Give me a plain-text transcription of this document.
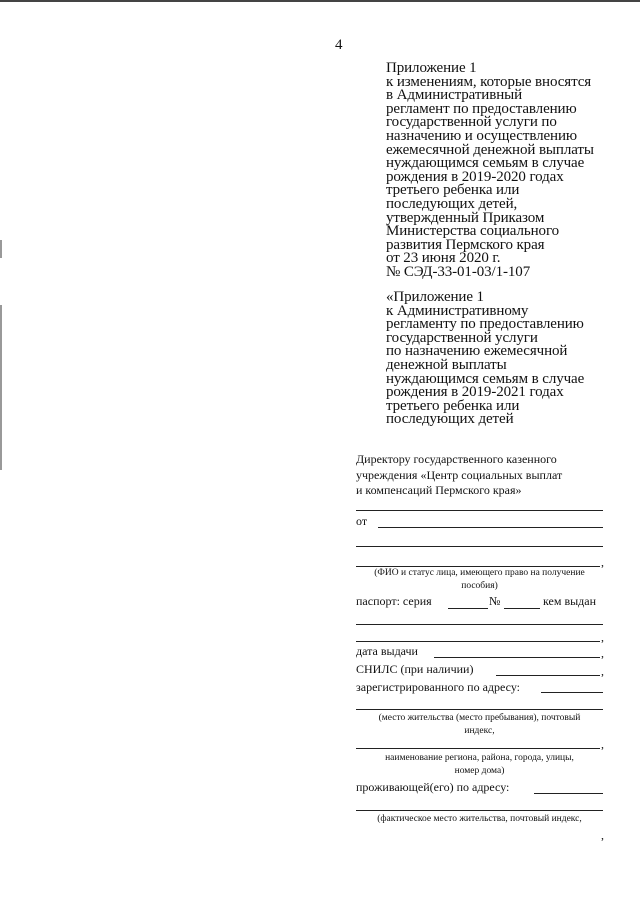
4
Приложение 1
к изменениям, которые вносятся
в Административный
регламент по предоставлению
государственной услуги по
назначению и осуществлению
ежемесячной денежной выплаты
нуждающимся семьям в случае
рождения в 2019-2020 годах
третьего ребенка или
последующих детей,
утвержденный Приказом
Министерства социального
развития Пермского края
от 23 июня 2020 г.
№ СЭД-33-01-03/1-107
«Приложение 1
к Административному
регламенту по предоставлению
государственной услуги
по назначению ежемесячной
денежной выплаты
нуждающимся семьям в случае
рождения в 2019-2021 годах
третьего ребенка или
последующих детей
Директору государственного казенного
учреждения «Центр социальных выплат
и компенсаций Пермского края»
от
,
(ФИО и статус лица, имеющего право на получение
пособия)
паспорт: серия	№	кем выдан
,
дата выдачи	,
СНИЛС (при наличии)	,
зарегистрированного по адресу:
(место жительства (место пребывания), почтовый
индекс,
,
наименование региона, района, города, улицы,
номер дома)
проживающей(его) по адресу:
(фактическое место жительства, почтовый индекс,
,
